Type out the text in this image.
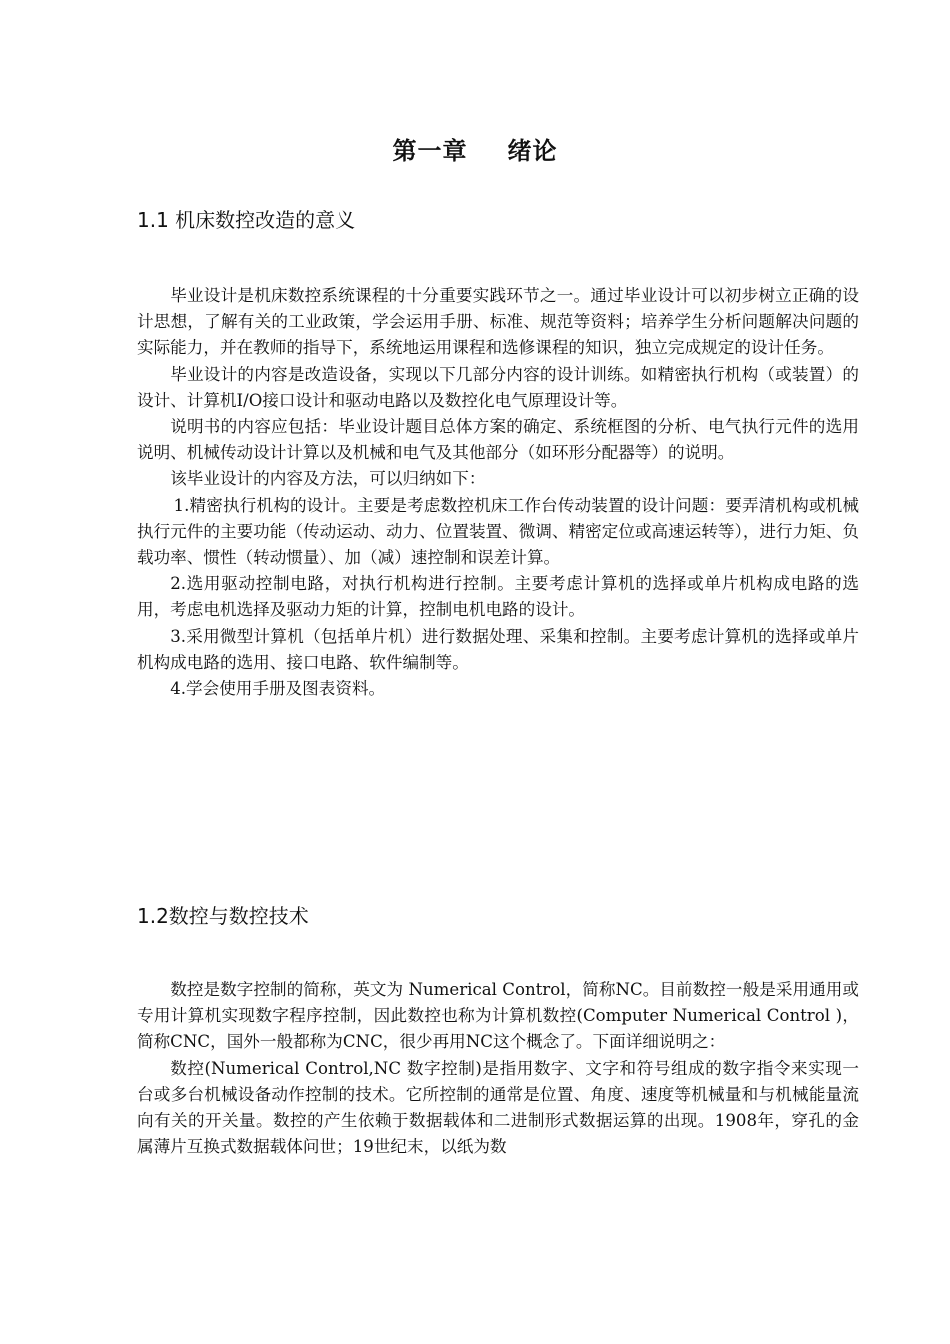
第一章 绪论
1.1 机床数控改造的意义

毕业设计是机床数控系统课程的十分重要实践环节之一。通过毕业设计可以初步树立正确的设计思想，了解有关的工业政策，学会运用手册、标准、规范等资料；培养学生分析问题解决问题的实际能力，并在教师的指导下，系统地运用课程和选修课程的知识，独立完成规定的设计任务。

毕业设计的内容是改造设备，实现以下几部分内容的设计训练。如精密执行机构（或装置）的设计、计算机I/O接口设计和驱动电路以及数控化电气原理设计等。

说明书的内容应包括：毕业设计题目总体方案的确定、系统框图的分析、电气执行元件的选用说明、机械传动设计计算以及机械和电气及其他部分（如环形分配器等）的说明。

该毕业设计的内容及方法，可以归纳如下：

1.精密执行机构的设计。主要是考虑数控机床工作台传动装置的设计问题：要弄清机构或机械执行元件的主要功能（传动运动、动力、位置装置、微调、精密定位或高速运转等），进行力矩、负载功率、惯性（转动惯量）、加（减）速控制和误差计算。

2.选用驱动控制电路，对执行机构进行控制。主要考虑计算机的选择或单片机构成电路的选用，考虑电机选择及驱动力矩的计算，控制电机电路的设计。

3.采用微型计算机（包括单片机）进行数据处理、采集和控制。主要考虑计算机的选择或单片机构成电路的选用、接口电路、软件编制等。

4.学会使用手册及图表资料。

1.2数控与数控技术

数控是数字控制的简称，英文为 Numerical Control，简称NC。目前数控一般是采用通用或专用计算机实现数字程序控制，因此数控也称为计算机数控(Computer Numerical Control )，简称CNC，国外一般都称为CNC，很少再用NC这个概念了。下面详细说明之：

数控(Numerical Control,NC 数字控制)是指用数字、文字和符号组成的数字指令来实现一台或多台机械设备动作控制的技术。它所控制的通常是位置、角度、速度等机械量和与机械能量流向有关的开关量。数控的产生依赖于数据载体和二进制形式数据运算的出现。1908年，穿孔的金属薄片互换式数据载体问世；19世纪末，以纸为数
